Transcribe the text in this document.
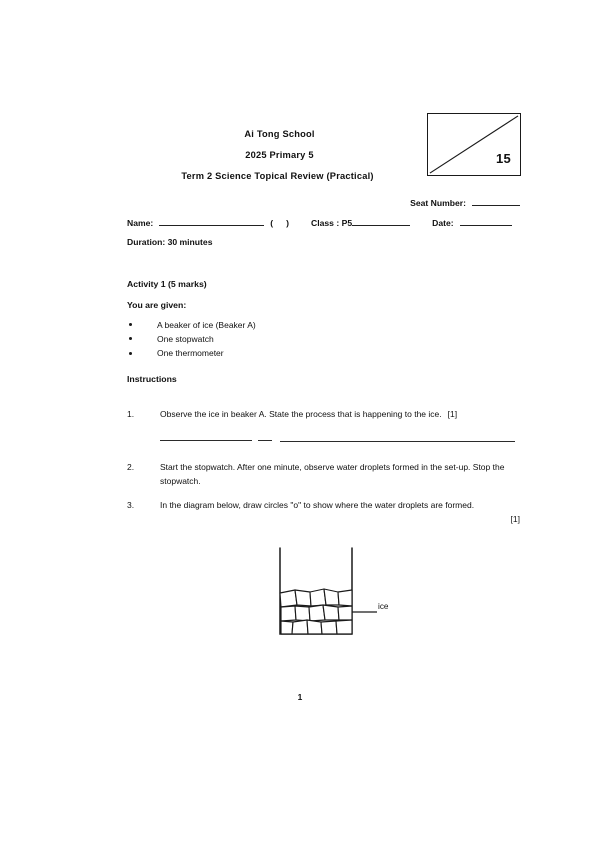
Ai Tong School
2025 Primary 5
Term 2 Science Topical Review (Practical)
15
Seat Number:
Name:	( )	Class : P5	Date:
Duration: 30 minutes
Activity 1 (5 marks)
You are given:
A beaker of ice (Beaker A)
One stopwatch
One thermometer
Instructions
1.	Observe the ice in beaker A. State the process that is happening to the ice. [1]
2.	Start the stopwatch. After one minute, observe water droplets formed in the set-up. Stop the stopwatch.
3.	In the diagram below, draw circles "o" to show where the water droplets are formed.
[1]
ice
1
